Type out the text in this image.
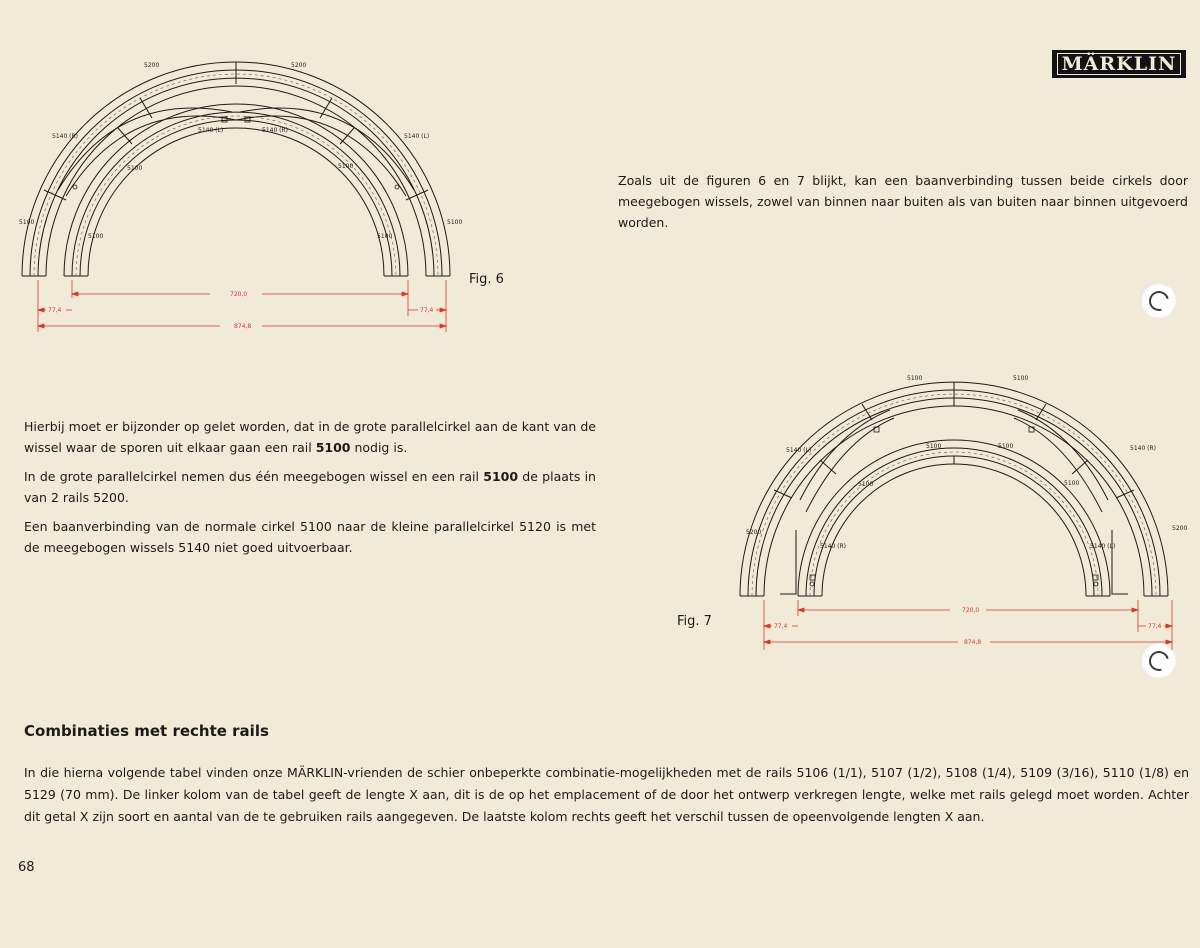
MÄRKLIN
5200	5200
5140 (L)	5140 (R)
5140 (R)	5140 (L)
5100	5100
5100
5100	5100
5100
720,0
77,4	77,4
874,8
Fig. 6

Zoals uit de figuren 6 en 7 blijkt, kan een baanverbinding tussen beide cirkels door meegebogen wissels, zowel van binnen naar buiten als van buiten naar binnen uitgevoerd worden.

Hierbij moet er bijzonder op gelet worden, dat in de grote parallelcirkel aan de kant van de wissel waar de sporen uit elkaar gaan een rail 5100 nodig is.

In de grote parallelcirkel nemen dus één meegebogen wissel en een rail 5100 de plaats in van 2 rails 5200.

Een baanverbinding van de normale cirkel 5100 naar de kleine parallelcirkel 5120 is met de meegebogen wissels 5140 niet goed uitvoerbaar.

5100	5100
5100	5100
5140 (L)	5140 (R)
5100	5100
5200
5200
5140 (R)	5140 (L)
720,0
77,4	77,4
874,8
Fig. 7
Combinaties met rechte rails

In die hierna volgende tabel vinden onze MÄRKLIN-vrienden de schier onbeperkte combinatie-mogelijkheden met de rails 5106 (1/1), 5107 (1/2), 5108 (1/4), 5109 (3/16), 5110 (1/8) en 5129 (70 mm). De linker kolom van de tabel geeft de lengte X aan, dit is de op het emplacement of de door het ontwerp verkregen lengte, welke met rails gelegd moet worden. Achter dit getal X zijn soort en aantal van de te gebruiken rails aangegeven. De laatste kolom rechts geeft het verschil tussen de opeenvolgende lengten X aan.

68
